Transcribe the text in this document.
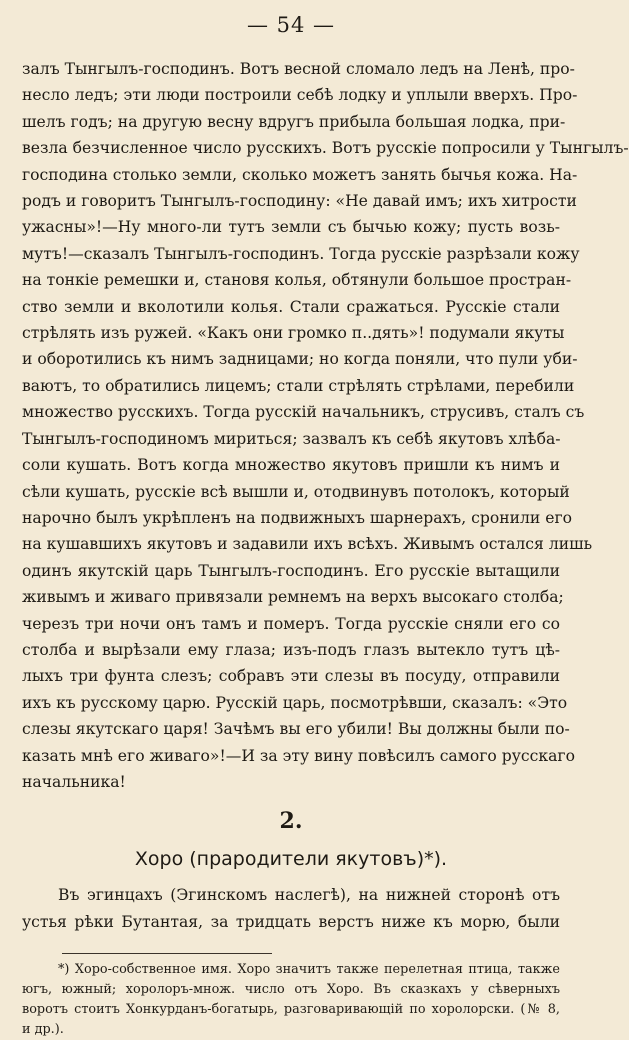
— 54 —
залъ Тынгылъ-господинъ. Вотъ весной сломало ледъ на Ленѣ, про-
несло ледъ; эти люди построили себѣ лодку и уплыли вверхъ. Про-
шелъ годъ; на другую весну вдругъ прибыла большая лодка, при-
везла безчисленное число русскихъ. Вотъ русскіе попросили у Тынгылъ-
господина столько земли, сколько можетъ занять бычья кожа. На-
родъ и говоритъ Тынгылъ-господину: «Не давай имъ; ихъ хитрости
ужасны»!—Ну много-ли тутъ земли съ бычью кожу; пусть возь-
мутъ!—сказалъ Тынгылъ-господинъ. Тогда русскіе разрѣзали кожу
на тонкіе ремешки и, становя колья, обтянули большое простран-
ство земли и вколотили колья. Стали сражаться. Русскіе стали
стрѣлять изъ ружей. «Какъ они громко п..дять»! подумали якуты
и оборотились къ нимъ задницами; но когда поняли, что пули уби-
ваютъ, то обратились лицемъ; стали стрѣлять стрѣлами, перебили
множество русскихъ. Тогда русскій начальникъ, струсивъ, сталъ съ
Тынгылъ-господиномъ мириться; зазвалъ къ себѣ якутовъ хлѣба-
соли кушать. Вотъ когда множество якутовъ пришли къ нимъ и
сѣли кушать, русскіе всѣ вышли и, отодвинувъ потолокъ, который
нарочно былъ укрѣпленъ на подвижныхъ шарнерахъ, сронили его
на кушавшихъ якутовъ и задавили ихъ всѣхъ. Живымъ остался лишь
одинъ якутскій царь Тынгылъ-господинъ. Его русскіе вытащили
живымъ и живаго привязали ремнемъ на верхъ высокаго столба;
черезъ три ночи онъ тамъ и померъ. Тогда русскіе сняли его со
столба и вырѣзали ему глаза; изъ-подъ глазъ вытекло тутъ цѣ-
лыхъ три фунта слезъ; собравъ эти слезы въ посуду, отправили
ихъ къ русскому царю. Русскій царь, посмотрѣвши, сказалъ: «Это
слезы якутскаго царя! Зачѣмъ вы его убили! Вы должны были по-
казать мнѣ его живаго»!—И за эту вину повѣсилъ самого русскаго
начальника!
2.
Хоро (прародители якутовъ)*).
Въ эгинцахъ (Эгинскомъ наслегѣ), на нижней сторонѣ отъ
устья рѣки Бутантая, за тридцать верстъ ниже къ морю, были
*) Хоро-собственное имя. Хоро значитъ также перелетная птица, также
югъ, южный; хоролоръ-множ. число отъ Хоро. Въ сказкахъ у сѣверныхъ
воротъ стоитъ Хонкурданъ-богатырь, разговаривающій по хоролорски. (№ 8,
и др.).
